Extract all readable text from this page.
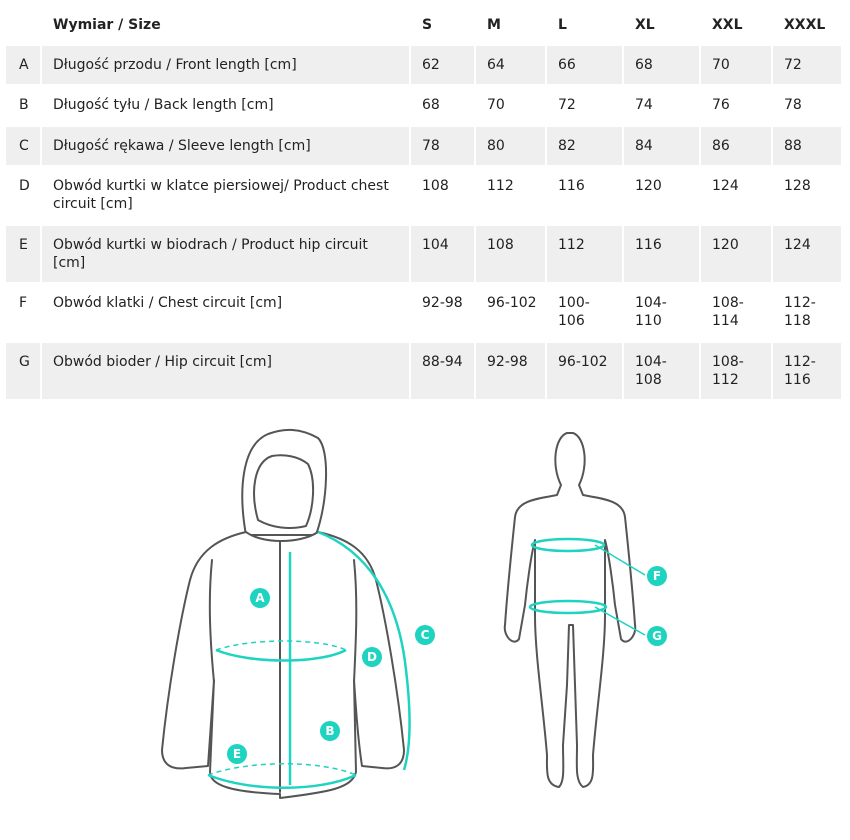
	Wymiar / Size	S	M	L	XL	XXL	XXXL

A	Długość przodu / Front length [cm]	62	64	66	68	70	72

B	Długość tyłu / Back length [cm]	68	70	72	74	76	78

C	Długość rękawa / Sleeve length [cm]	78	80	82	84	86	88

D	Obwód kurtki w klatce piersiowej/ Product chest circuit [cm]	108	112	116	120	124	128

E	Obwód kurtki w biodrach / Product hip circuit [cm]	104	108	112	116	120	124

F	Obwód klatki / Chest circuit [cm]	92-98	96-102	100-106	104-110	108-114	112-118

G	Obwód bioder / Hip circuit [cm]	88-94	92-98	96-102	104-108	108-112	112-116
A
B
C
D
E
F
G
